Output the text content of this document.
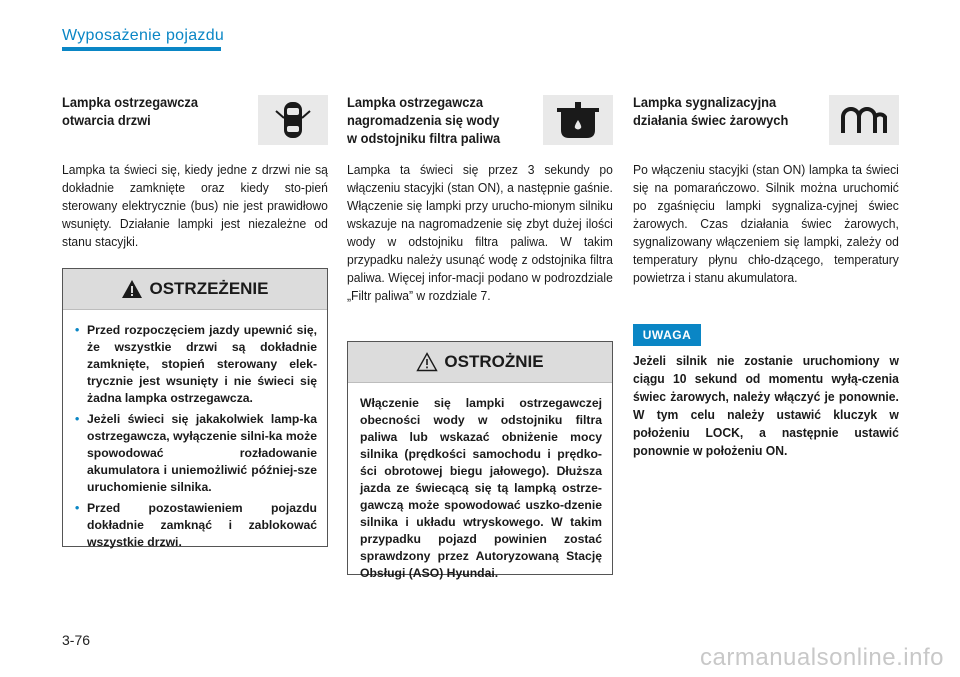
Wyposażenie pojazdu
Lampka ostrzegawcza otwarcia drzwi
Lampka ta świeci się, kiedy jedne z drzwi nie są dokładnie zamknięte oraz kiedy sto-pień sterowany elektrycznie (bus) nie jest prawidłowo wsunięty. Działanie lampki jest niezależne od stanu stacyjki.
Lampka ostrzegawcza nagromadzenia się wody w odstojniku filtra paliwa
Lampka ta świeci się przez 3 sekundy po włączeniu stacyjki (stan ON), a następnie gaśnie. Włączenie się lampki przy urucho-mionym silniku wskazuje na nagromadzenie się zbyt dużej ilości wody w odstojniku filtra paliwa. W takim przypadku należy usunąć wodę z odstojnika filtra paliwa. Więcej infor-macji podano w podrozdziale „Filtr paliwa” w rozdziale 7.
Lampka sygnalizacyjna działania świec żarowych
Po włączeniu stacyjki (stan ON) lampka ta świeci się na pomarańczowo. Silnik można uruchomić po zgaśnięciu lampki sygnaliza-cyjnej świec żarowych. Czas działania świec żarowych, sygnalizowany włączeniem się lampki, zależy od temperatury płynu chło-dzącego, temperatury powietrza i stanu akumulatora.
OSTRZEŻENIE
• Przed rozpoczęciem jazdy upewnić się, że wszystkie drzwi są dokładnie zamknięte, stopień sterowany elek-trycznie jest wsunięty i nie świeci się żadna lampka ostrzegawcza.
• Jeżeli świeci się jakakolwiek lamp-ka ostrzegawcza, wyłączenie silni-ka może spowodować rozładowanie akumulatora i uniemożliwić później-sze uruchomienie silnika.
• Przed pozostawieniem pojazdu dokładnie zamknąć i zablokować wszystkie drzwi.
OSTROŻNIE
Włączenie się lampki ostrzegawczej obecności wody w odstojniku filtra paliwa lub wskazać obniżenie mocy silnika (prędkości samochodu i prędko-ści obrotowej biegu jałowego). Dłuższa jazda ze świecącą się tą lampką ostrze-gawczą może spowodować uszko-dzenie silnika i układu wtryskowego. W takim przypadku pojazd powinien zostać sprawdzony przez Autoryzowaną Stację Obsługi (ASO) Hyundai.
UWAGA
Jeżeli silnik nie zostanie uruchomiony w ciągu 10 sekund od momentu wyłą-czenia świec żarowych, należy włączyć je ponownie. W tym celu należy ustawić kluczyk w położeniu LOCK, a następnie ustawić ponownie w położeniu ON.
3-76
carmanualsonline.info
